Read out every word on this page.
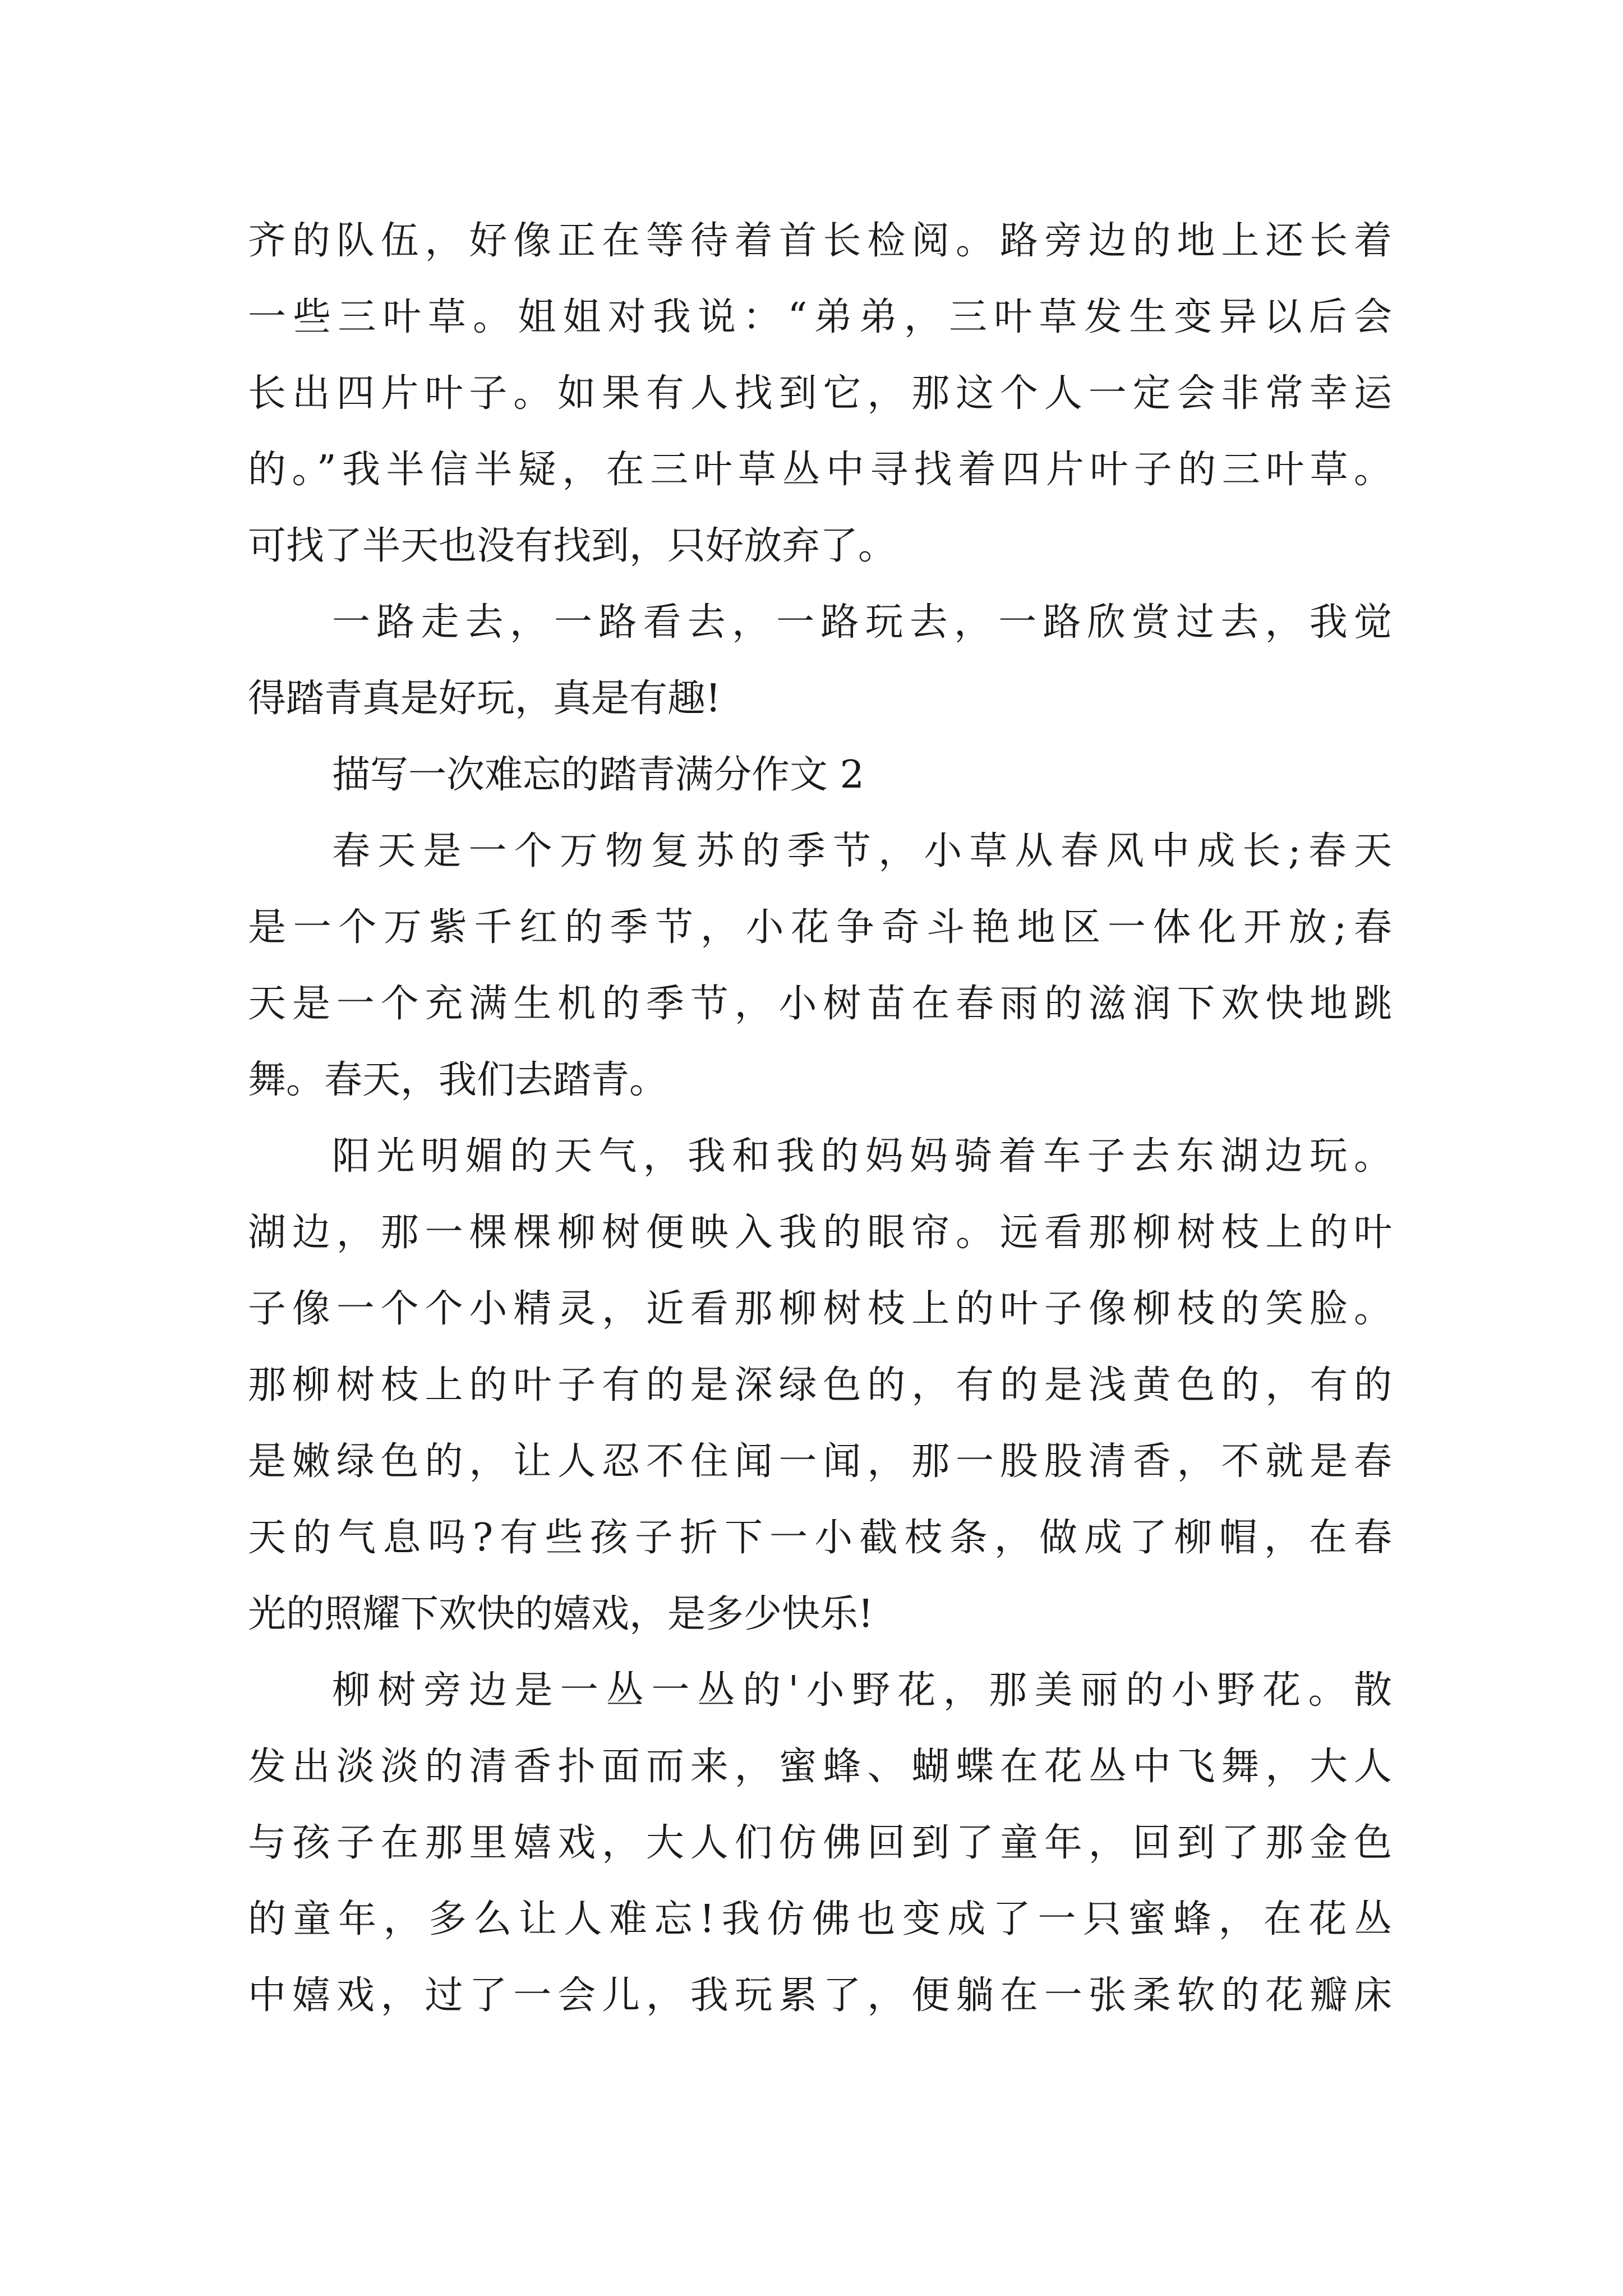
齐的队伍，好像正在等待着首长检阅。路旁边的地上还长着
一些三叶草。姐姐对我说：“弟弟，三叶草发生变异以后会
长出四片叶子。如果有人找到它，那这个人一定会非常幸运
的。”我半信半疑，在三叶草丛中寻找着四片叶子的三叶草。
可找了半天也没有找到，只好放弃了。
一路走去，一路看去，一路玩去，一路欣赏过去，我觉
得踏青真是好玩，真是有趣!
描写一次难忘的踏青满分作文 2
春天是一个万物复苏的季节，小草从春风中成长;春天
是一个万紫千红的季节，小花争奇斗艳地区一体化开放;春
天是一个充满生机的季节，小树苗在春雨的滋润下欢快地跳
舞。春天，我们去踏青。
阳光明媚的天气，我和我的妈妈骑着车子去东湖边玩。
湖边，那一棵棵柳树便映入我的眼帘。远看那柳树枝上的叶
子像一个个小精灵，近看那柳树枝上的叶子像柳枝的笑脸。
那柳树枝上的叶子有的是深绿色的，有的是浅黄色的，有的
是嫩绿色的，让人忍不住闻一闻，那一股股清香，不就是春
天的气息吗?有些孩子折下一小截枝条，做成了柳帽，在春
光的照耀下欢快的嬉戏，是多少快乐!
柳树旁边是一丛一丛的'小野花，那美丽的小野花。散
发出淡淡的清香扑面而来，蜜蜂、蝴蝶在花丛中飞舞，大人
与孩子在那里嬉戏，大人们仿佛回到了童年，回到了那金色
的童年，多么让人难忘!我仿佛也变成了一只蜜蜂，在花丛
中嬉戏，过了一会儿，我玩累了，便躺在一张柔软的花瓣床
